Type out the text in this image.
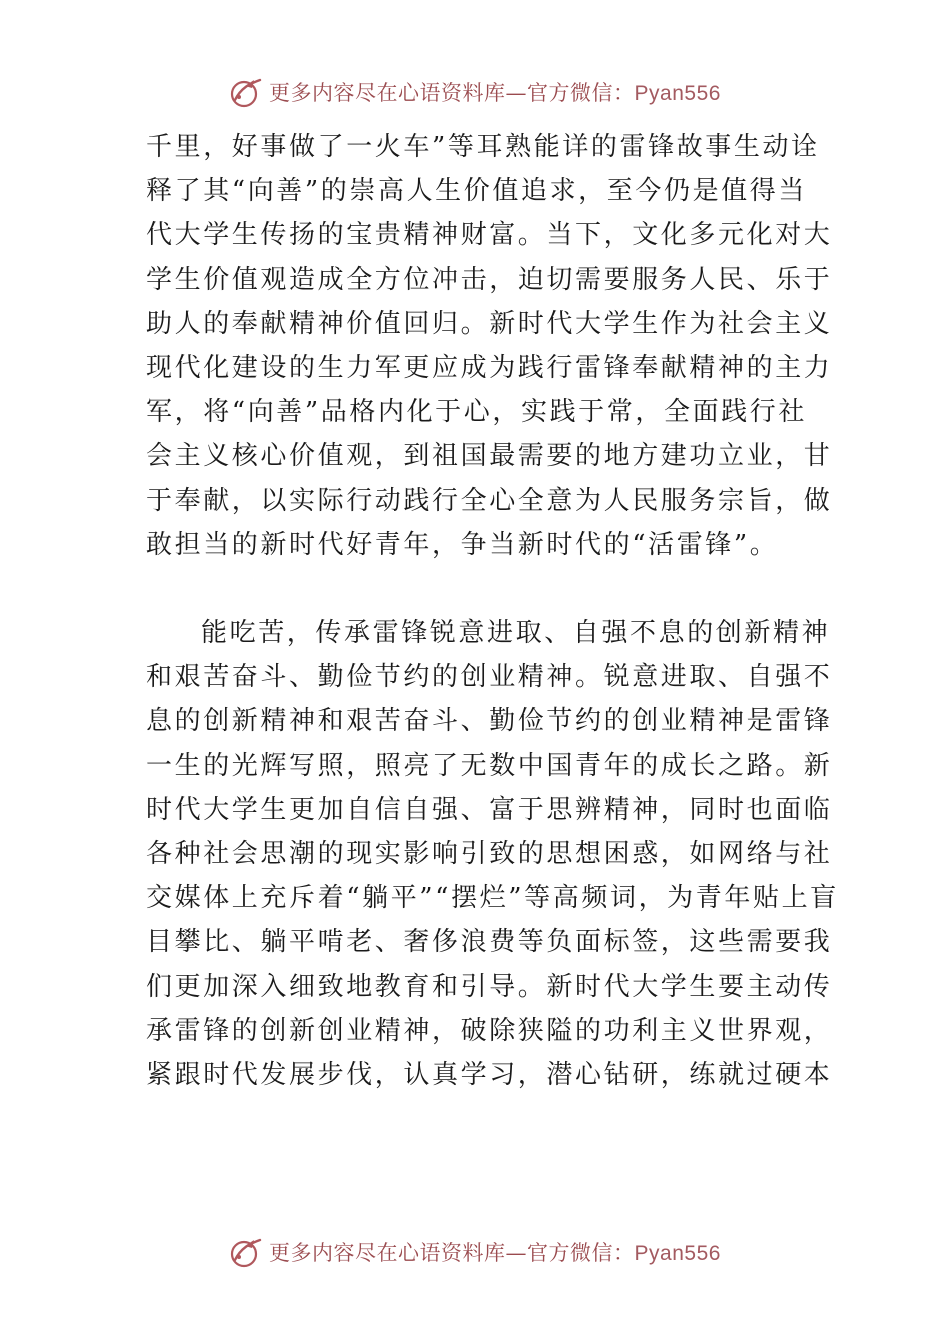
更多内容尽在心语资料库—官方微信：Pyan556
千里，好事做了一火车”等耳熟能详的雷锋故事生动诠
释了其“向善”的崇高人生价值追求，至今仍是值得当
代大学生传扬的宝贵精神财富。当下，文化多元化对大
学生价值观造成全方位冲击，迫切需要服务人民、乐于
助人的奉献精神价值回归。新时代大学生作为社会主义
现代化建设的生力军更应成为践行雷锋奉献精神的主力
军，将“向善”品格内化于心，实践于常，全面践行社
会主义核心价值观，到祖国最需要的地方建功立业，甘
于奉献，以实际行动践行全心全意为人民服务宗旨，做
敢担当的新时代好青年，争当新时代的“活雷锋”。
能吃苦，传承雷锋锐意进取、自强不息的创新精神
和艰苦奋斗、勤俭节约的创业精神。锐意进取、自强不
息的创新精神和艰苦奋斗、勤俭节约的创业精神是雷锋
一生的光辉写照，照亮了无数中国青年的成长之路。新
时代大学生更加自信自强、富于思辨精神，同时也面临
各种社会思潮的现实影响引致的思想困惑，如网络与社
交媒体上充斥着“躺平”“摆烂”等高频词，为青年贴上盲
目攀比、躺平啃老、奢侈浪费等负面标签，这些需要我
们更加深入细致地教育和引导。新时代大学生要主动传
承雷锋的创新创业精神，破除狭隘的功利主义世界观，
紧跟时代发展步伐，认真学习，潜心钻研，练就过硬本
更多内容尽在心语资料库—官方微信：Pyan556
